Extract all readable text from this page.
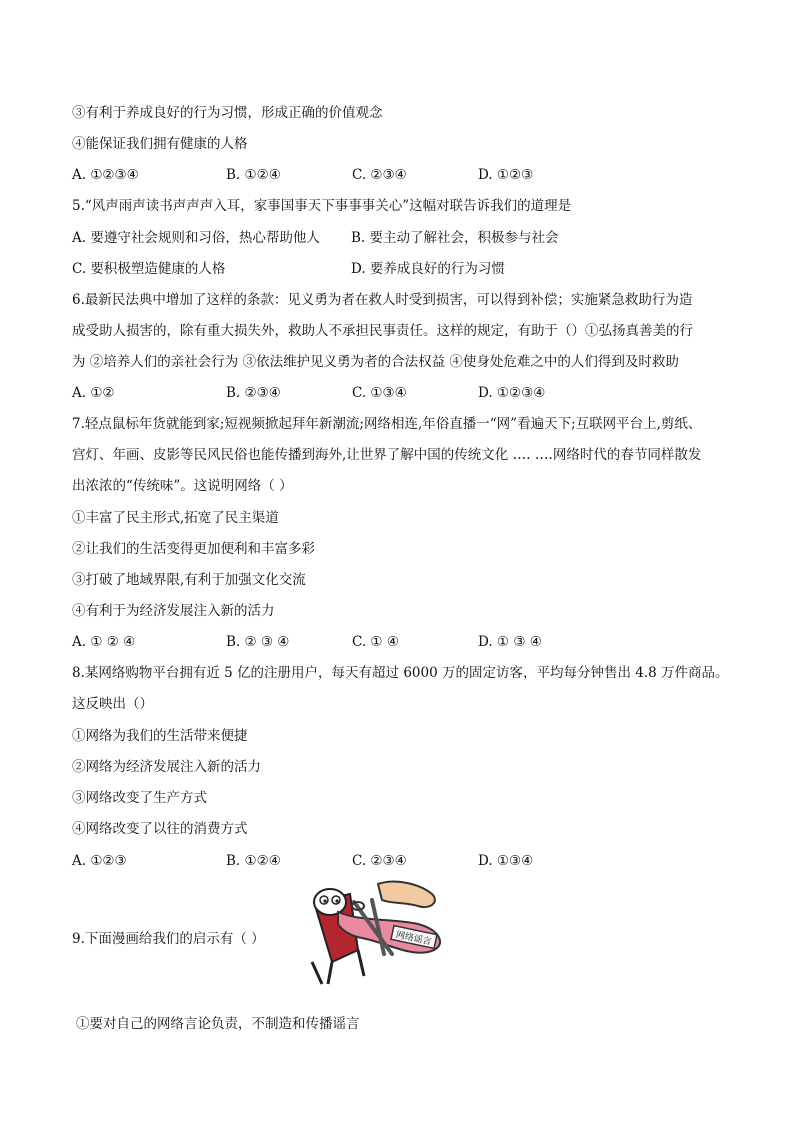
③有利于养成良好的行为习惯，形成正确的价值观念
④能保证我们拥有健康的人格
A. ①②③④	B. ①②④	C. ②③④	D. ①②③
5.“风声雨声读书声声声入耳，家事国事天下事事事关心”这幅对联告诉我们的道理是
A. 要遵守社会规则和习俗，热心帮助他人 B. 要主动了解社会，积极参与社会
C. 要积极塑造健康的人格	D. 要养成良好的行为习惯
6.最新民法典中增加了这样的条款：见义勇为者在救人时受到损害，可以得到补偿；实施紧急救助行为造
成受助人损害的，除有重大损失外，救助人不承担民事责任。这样的规定，有助于（）①弘扬真善美的行
为 ②培养人们的亲社会行为 ③依法维护见义勇为者的合法权益 ④使身处危难之中的人们得到及时救助
A. ①②	B. ②③④	C. ①③④	D. ①②③④
7.轻点鼠标年货就能到家;短视频掀起拜年新潮流;网络相连,年俗直播一“网”看遍天下;互联网平台上,剪纸、
宫灯、年画、皮影等民风民俗也能传播到海外,让世界了解中国的传统文化 ‥‥ ‥‥网络时代的春节同样散发
出浓浓的“传统味”。这说明网络（ ）
①丰富了民主形式,拓宽了民主渠道
②让我们的生活变得更加便利和丰富多彩
③打破了地域界限,有利于加强文化交流
④有利于为经济发展注入新的活力
A. ① ② ④	B. ② ③ ④	C. ① ④	D. ① ③ ④
8.某网络购物平台拥有近 5 亿的注册用户，每天有超过 6000 万的固定访客，平均每分钟售出 4.8 万件商品。
这反映出（）
①网络为我们的生活带来便捷
②网络为经济发展注入新的活力
③网络改变了生产方式
④网络改变了以往的消费方式
A. ①②③	B. ①②④	C. ②③④	D. ①③④
9.下面漫画给我们的启示有（ ）	网络谣言
①要对自己的网络言论负责，不制造和传播谣言
